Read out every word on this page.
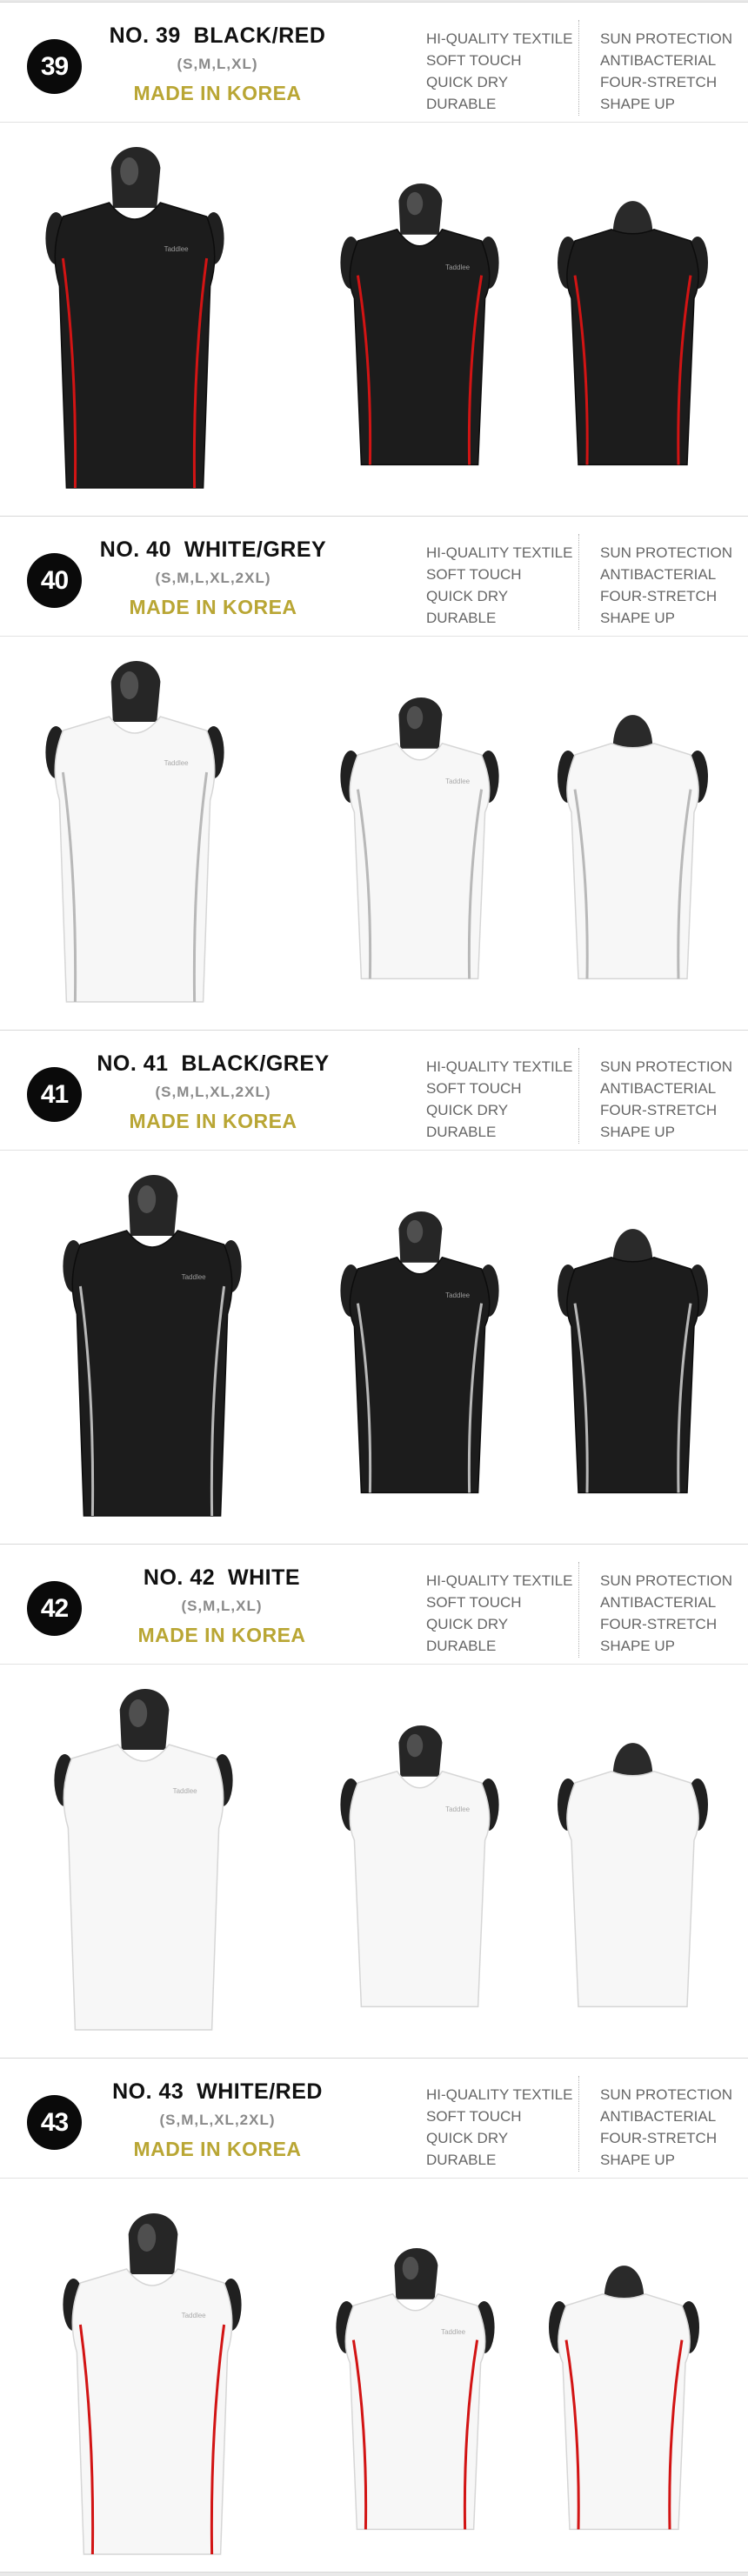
39
NO. 39  BLACK/RED
(S,M,L,XL)
MADE IN KOREA
HI-QUALITY TEXTILE
SOFT TOUCH
QUICK DRY
DURABLE
SUN PROTECTION
ANTIBACTERIAL
FOUR-STRETCH
SHAPE UP
Taddlee
Taddlee
40
NO. 40  WHITE/GREY
(S,M,L,XL,2XL)
MADE IN KOREA
HI-QUALITY TEXTILE
SOFT TOUCH
QUICK DRY
DURABLE
SUN PROTECTION
ANTIBACTERIAL
FOUR-STRETCH
SHAPE UP
Taddlee
Taddlee
41
NO. 41  BLACK/GREY
(S,M,L,XL,2XL)
MADE IN KOREA
HI-QUALITY TEXTILE
SOFT TOUCH
QUICK DRY
DURABLE
SUN PROTECTION
ANTIBACTERIAL
FOUR-STRETCH
SHAPE UP
Taddlee
Taddlee
42
NO. 42  WHITE
(S,M,L,XL)
MADE IN KOREA
HI-QUALITY TEXTILE
SOFT TOUCH
QUICK DRY
DURABLE
SUN PROTECTION
ANTIBACTERIAL
FOUR-STRETCH
SHAPE UP
Taddlee
Taddlee
43
NO. 43  WHITE/RED
(S,M,L,XL,2XL)
MADE IN KOREA
HI-QUALITY TEXTILE
SOFT TOUCH
QUICK DRY
DURABLE
SUN PROTECTION
ANTIBACTERIAL
FOUR-STRETCH
SHAPE UP
Taddlee
Taddlee
